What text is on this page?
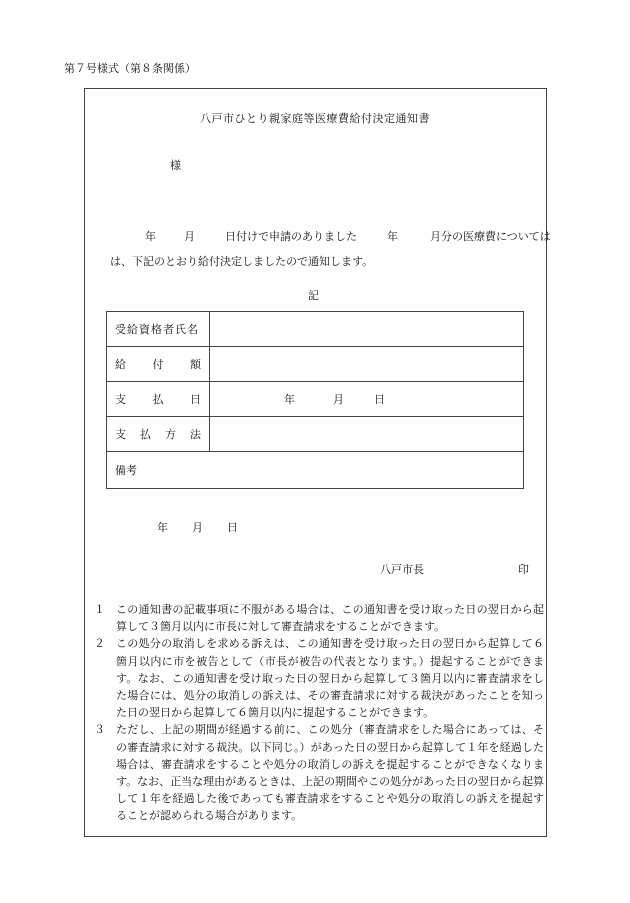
第７号様式（第８条関係）
八戸市ひとり親家庭等医療費給付決定通知書
様
年	月	日付けで申請のありました	年	月分の医療費については
は、下記のとおり給付決定しましたので通知します。
記
受給資格者氏名	

給 付 額	

支 払 日	年 月 日

支 払 方 法	

備考	
年 月 日
八戸市長	印
１	この通知書の記載事項に不服がある場合は、この通知書を受け取った日の翌日から起算して３箇月以内に市長に対して審査請求をすることができます。
２	この処分の取消しを求める訴えは、この通知書を受け取った日の翌日から起算して６箇月以内に市を被告として（市長が被告の代表となります。）提起することができます。なお、この通知書を受け取った日の翌日から起算して３箇月以内に審査請求をした場合には、処分の取消しの訴えは、その審査請求に対する裁決があったことを知った日の翌日から起算して６箇月以内に提起することができます。
３	ただし、上記の期間が経過する前に、この処分（審査請求をした場合にあっては、その審査請求に対する裁決。以下同じ。）があった日の翌日から起算して１年を経過した場合は、審査請求をすることや処分の取消しの訴えを提起することができなくなります。なお、正当な理由があるときは、上記の期間やこの処分があった日の翌日から起算して１年を経過した後であっても審査請求をすることや処分の取消しの訴えを提起することが認められる場合があります。
